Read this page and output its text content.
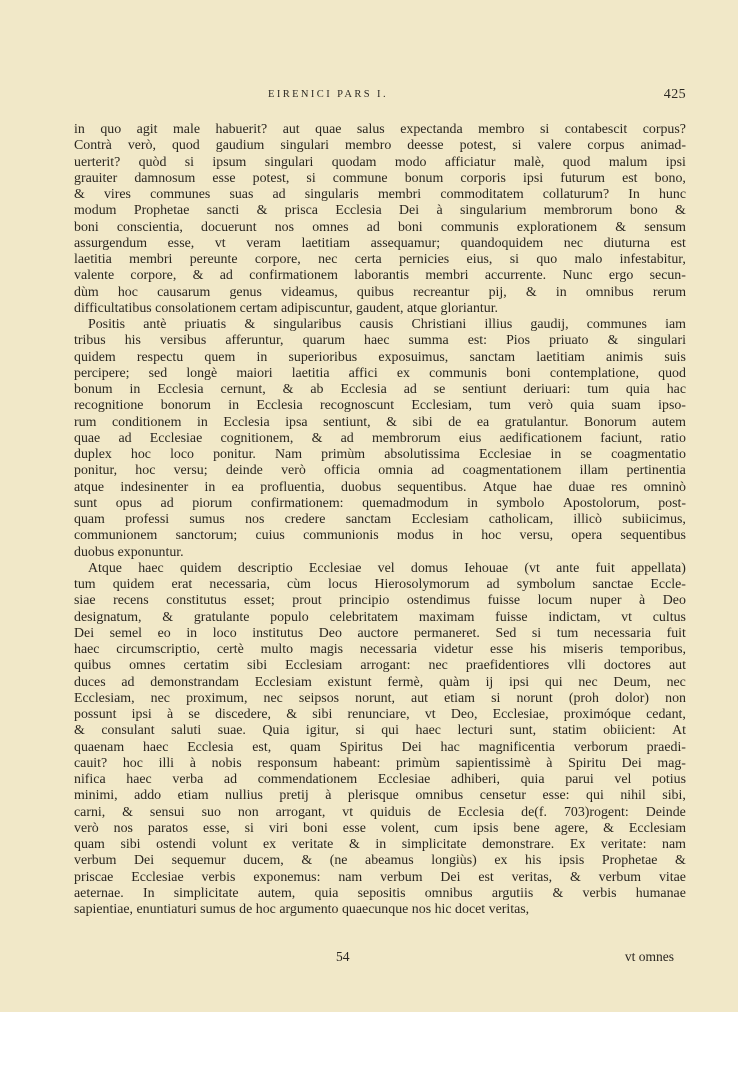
EIRENICI PARS I.	425
in quo agit male habuerit? aut quae salus expectanda membro si contabescit corpus?
Contrà verò, quod gaudium singulari membro deesse potest, si valere corpus animad-
uerterit? quòd si ipsum singulari quodam modo afficiatur malè, quod malum ipsi
grauiter damnosum esse potest, si commune bonum corporis ipsi futurum est bono,
& vires communes suas ad singularis membri commoditatem collaturum? In hunc
modum Prophetae sancti & prisca Ecclesia Dei à singularium membrorum bono &
boni conscientia, docuerunt nos omnes ad boni communis explorationem & sensum
assurgendum esse, vt veram laetitiam assequamur; quandoquidem nec diuturna est
laetitia membri pereunte corpore, nec certa pernicies eius, si quo malo infestabitur,
valente corpore, & ad confirmationem laborantis membri accurrente. Nunc ergo secun-
dùm hoc causarum genus videamus, quibus recreantur pij, & in omnibus rerum
difficultatibus
consolationem
certam
adipiscuntur,
gaudent,
atque
gloriantur.

Positis antè priuatis & singularibus causis Christiani illius gaudij, communes iam
tribus his versibus afferuntur, quarum haec summa est: Pios priuato & singulari
quidem respectu quem in superioribus exposuimus, sanctam laetitiam animis suis
percipere; sed longè maiori laetitia affici ex communis boni contemplatione, quod
bonum in Ecclesia cernunt, & ab Ecclesia ad se sentiunt deriuari: tum quia hac
recognitione bonorum in Ecclesia recognoscunt Ecclesiam, tum verò quia suam ipso-
rum conditionem in Ecclesia ipsa sentiunt, & sibi de ea gratulantur. Bonorum autem
quae ad Ecclesiae cognitionem, & ad membrorum eius aedificationem faciunt, ratio
duplex hoc loco ponitur. Nam primùm absolutissima Ecclesiae in se coagmentatio
ponitur, hoc versu; deinde verò officia omnia ad coagmentationem illam pertinentia
atque indesinenter in ea profluentia, duobus sequentibus. Atque hae duae res omninò
sunt opus ad piorum confirmationem: quemadmodum in symbolo Apostolorum, post-
quam professi sumus nos credere sanctam Ecclesiam catholicam, illicò subiicimus,
communionem sanctorum; cuius communionis modus in hoc versu, opera sequentibus
duobus
exponuntur.

Atque haec quidem descriptio Ecclesiae vel domus Iehouae (vt ante fuit appellata)
tum quidem erat necessaria, cùm locus Hierosolymorum ad symbolum sanctae Eccle-
siae recens constitutus esset; prout principio ostendimus fuisse locum nuper à Deo
designatum, & gratulante populo celebritatem maximam fuisse indictam, vt cultus
Dei semel eo in loco institutus Deo auctore permaneret. Sed si tum necessaria fuit
haec circumscriptio, certè multo magis necessaria videtur esse his miseris temporibus,
quibus omnes certatim sibi Ecclesiam arrogant: nec praefidentiores vlli doctores aut
duces ad demonstrandam Ecclesiam existunt fermè, quàm ij ipsi qui nec Deum, nec
Ecclesiam, nec proximum, nec seipsos norunt, aut etiam si norunt (proh dolor) non
possunt ipsi à se discedere, & sibi renunciare, vt Deo, Ecclesiae, proximóque cedant,
& consulant saluti suae. Quia igitur, si qui haec lecturi sunt, statim obiicient: At
quaenam haec Ecclesia est, quam Spiritus Dei hac magnificentia verborum praedi-
cauit? hoc illi à nobis responsum habeant: primùm sapientissimè à Spiritu Dei mag-
nifica haec verba ad commendationem Ecclesiae adhiberi, quia parui vel potius
minimi, addo etiam nullius pretij à plerisque omnibus censetur esse: qui nihil sibi,
carni, & sensui suo non arrogant, vt quiduis de Ecclesia de(f. 703)rogent: Deinde
verò nos paratos esse, si viri boni esse volent, cum ipsis bene agere, & Ecclesiam
quam sibi ostendi volunt ex veritate & in simplicitate demonstrare. Ex veritate: nam
verbum Dei sequemur ducem, & (ne abeamus longiùs) ex his ipsis Prophetae &
priscae Ecclesiae verbis exponemus: nam verbum Dei est veritas, & verbum vitae
aeternae. In simplicitate autem, quia sepositis omnibus argutiis & verbis humanae
sapientiae,
enuntiaturi
sumus
de
hoc
argumento
quaecunque
nos
hic
docet
veritas,

54	vt omnes
